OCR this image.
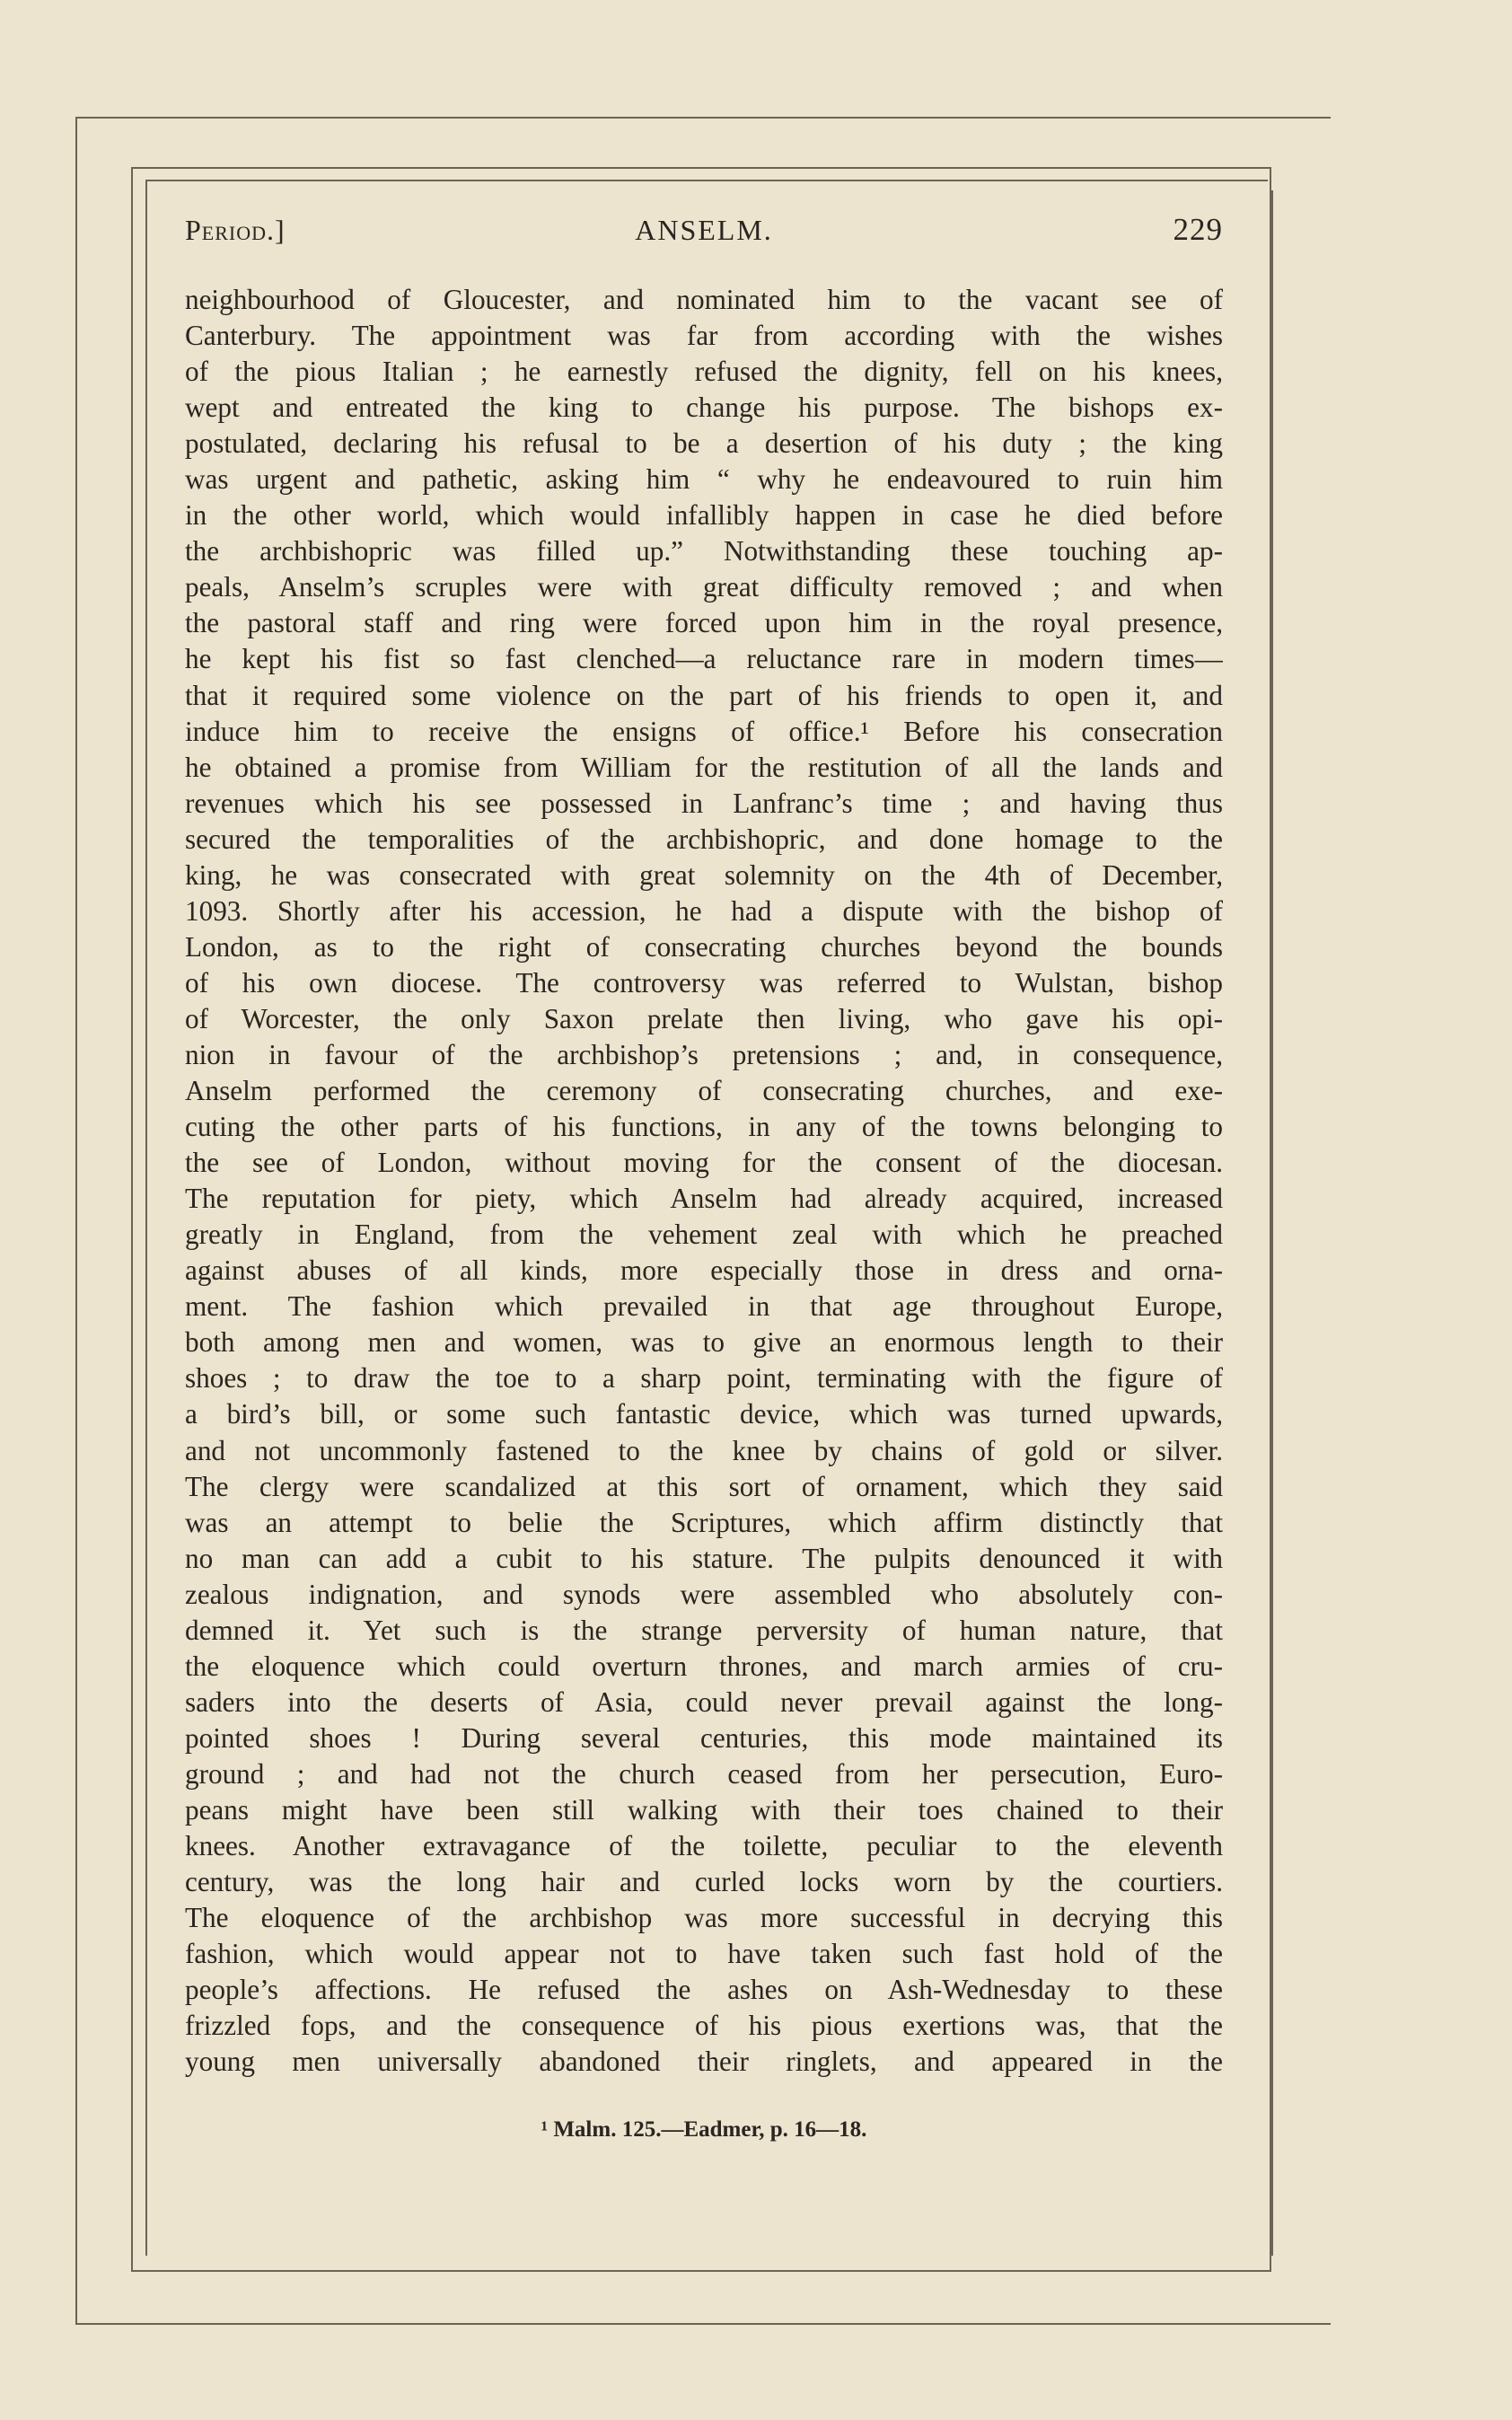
Period.]	ANSELM.	229
neighbourhood of Gloucester, and nominated him to the vacant see of
Canterbury. The appointment was far from according with the wishes
of the pious Italian ; he earnestly refused the dignity, fell on his knees,
wept and entreated the king to change his purpose. The bishops ex-
postulated, declaring his refusal to be a desertion of his duty ; the king
was urgent and pathetic, asking him “ why he endeavoured to ruin him
in the other world, which would infallibly happen in case he died before
the archbishopric was filled up.” Notwithstanding these touching ap-
peals, Anselm’s scruples were with great difficulty removed ; and when
the pastoral staff and ring were forced upon him in the royal presence,
he kept his fist so fast clenched—a reluctance rare in modern times—
that it required some violence on the part of his friends to open it, and
induce him to receive the ensigns of office.¹ Before his consecration
he obtained a promise from William for the restitution of all the lands and
revenues which his see possessed in Lanfranc’s time ; and having thus
secured the temporalities of the archbishopric, and done homage to the
king, he was consecrated with great solemnity on the 4th of December,
1093. Shortly after his accession, he had a dispute with the bishop of
London, as to the right of consecrating churches beyond the bounds
of his own diocese. The controversy was referred to Wulstan, bishop
of Worcester, the only Saxon prelate then living, who gave his opi-
nion in favour of the archbishop’s pretensions ; and, in consequence,
Anselm performed the ceremony of consecrating churches, and exe-
cuting the other parts of his functions, in any of the towns belonging to
the see of London, without moving for the consent of the diocesan.
The reputation for piety, which Anselm had already acquired, increased
greatly in England, from the vehement zeal with which he preached
against abuses of all kinds, more especially those in dress and orna-
ment. The fashion which prevailed in that age throughout Europe,
both among men and women, was to give an enormous length to their
shoes ; to draw the toe to a sharp point, terminating with the figure of
a bird’s bill, or some such fantastic device, which was turned upwards,
and not uncommonly fastened to the knee by chains of gold or silver.
The clergy were scandalized at this sort of ornament, which they said
was an attempt to belie the Scriptures, which affirm distinctly that
no man can add a cubit to his stature. The pulpits denounced it with
zealous indignation, and synods were assembled who absolutely con-
demned it. Yet such is the strange perversity of human nature, that
the eloquence which could overturn thrones, and march armies of cru-
saders into the deserts of Asia, could never prevail against the long-
pointed shoes ! During several centuries, this mode maintained its
ground ; and had not the church ceased from her persecution, Euro-
peans might have been still walking with their toes chained to their
knees. Another extravagance of the toilette, peculiar to the eleventh
century, was the long hair and curled locks worn by the courtiers.
The eloquence of the archbishop was more successful in decrying this
fashion, which would appear not to have taken such fast hold of the
people’s affections. He refused the ashes on Ash-Wednesday to these
frizzled fops, and the consequence of his pious exertions was, that the
young men universally abandoned their ringlets, and appeared in the
¹ Malm. 125.—Eadmer, p. 16—18.
